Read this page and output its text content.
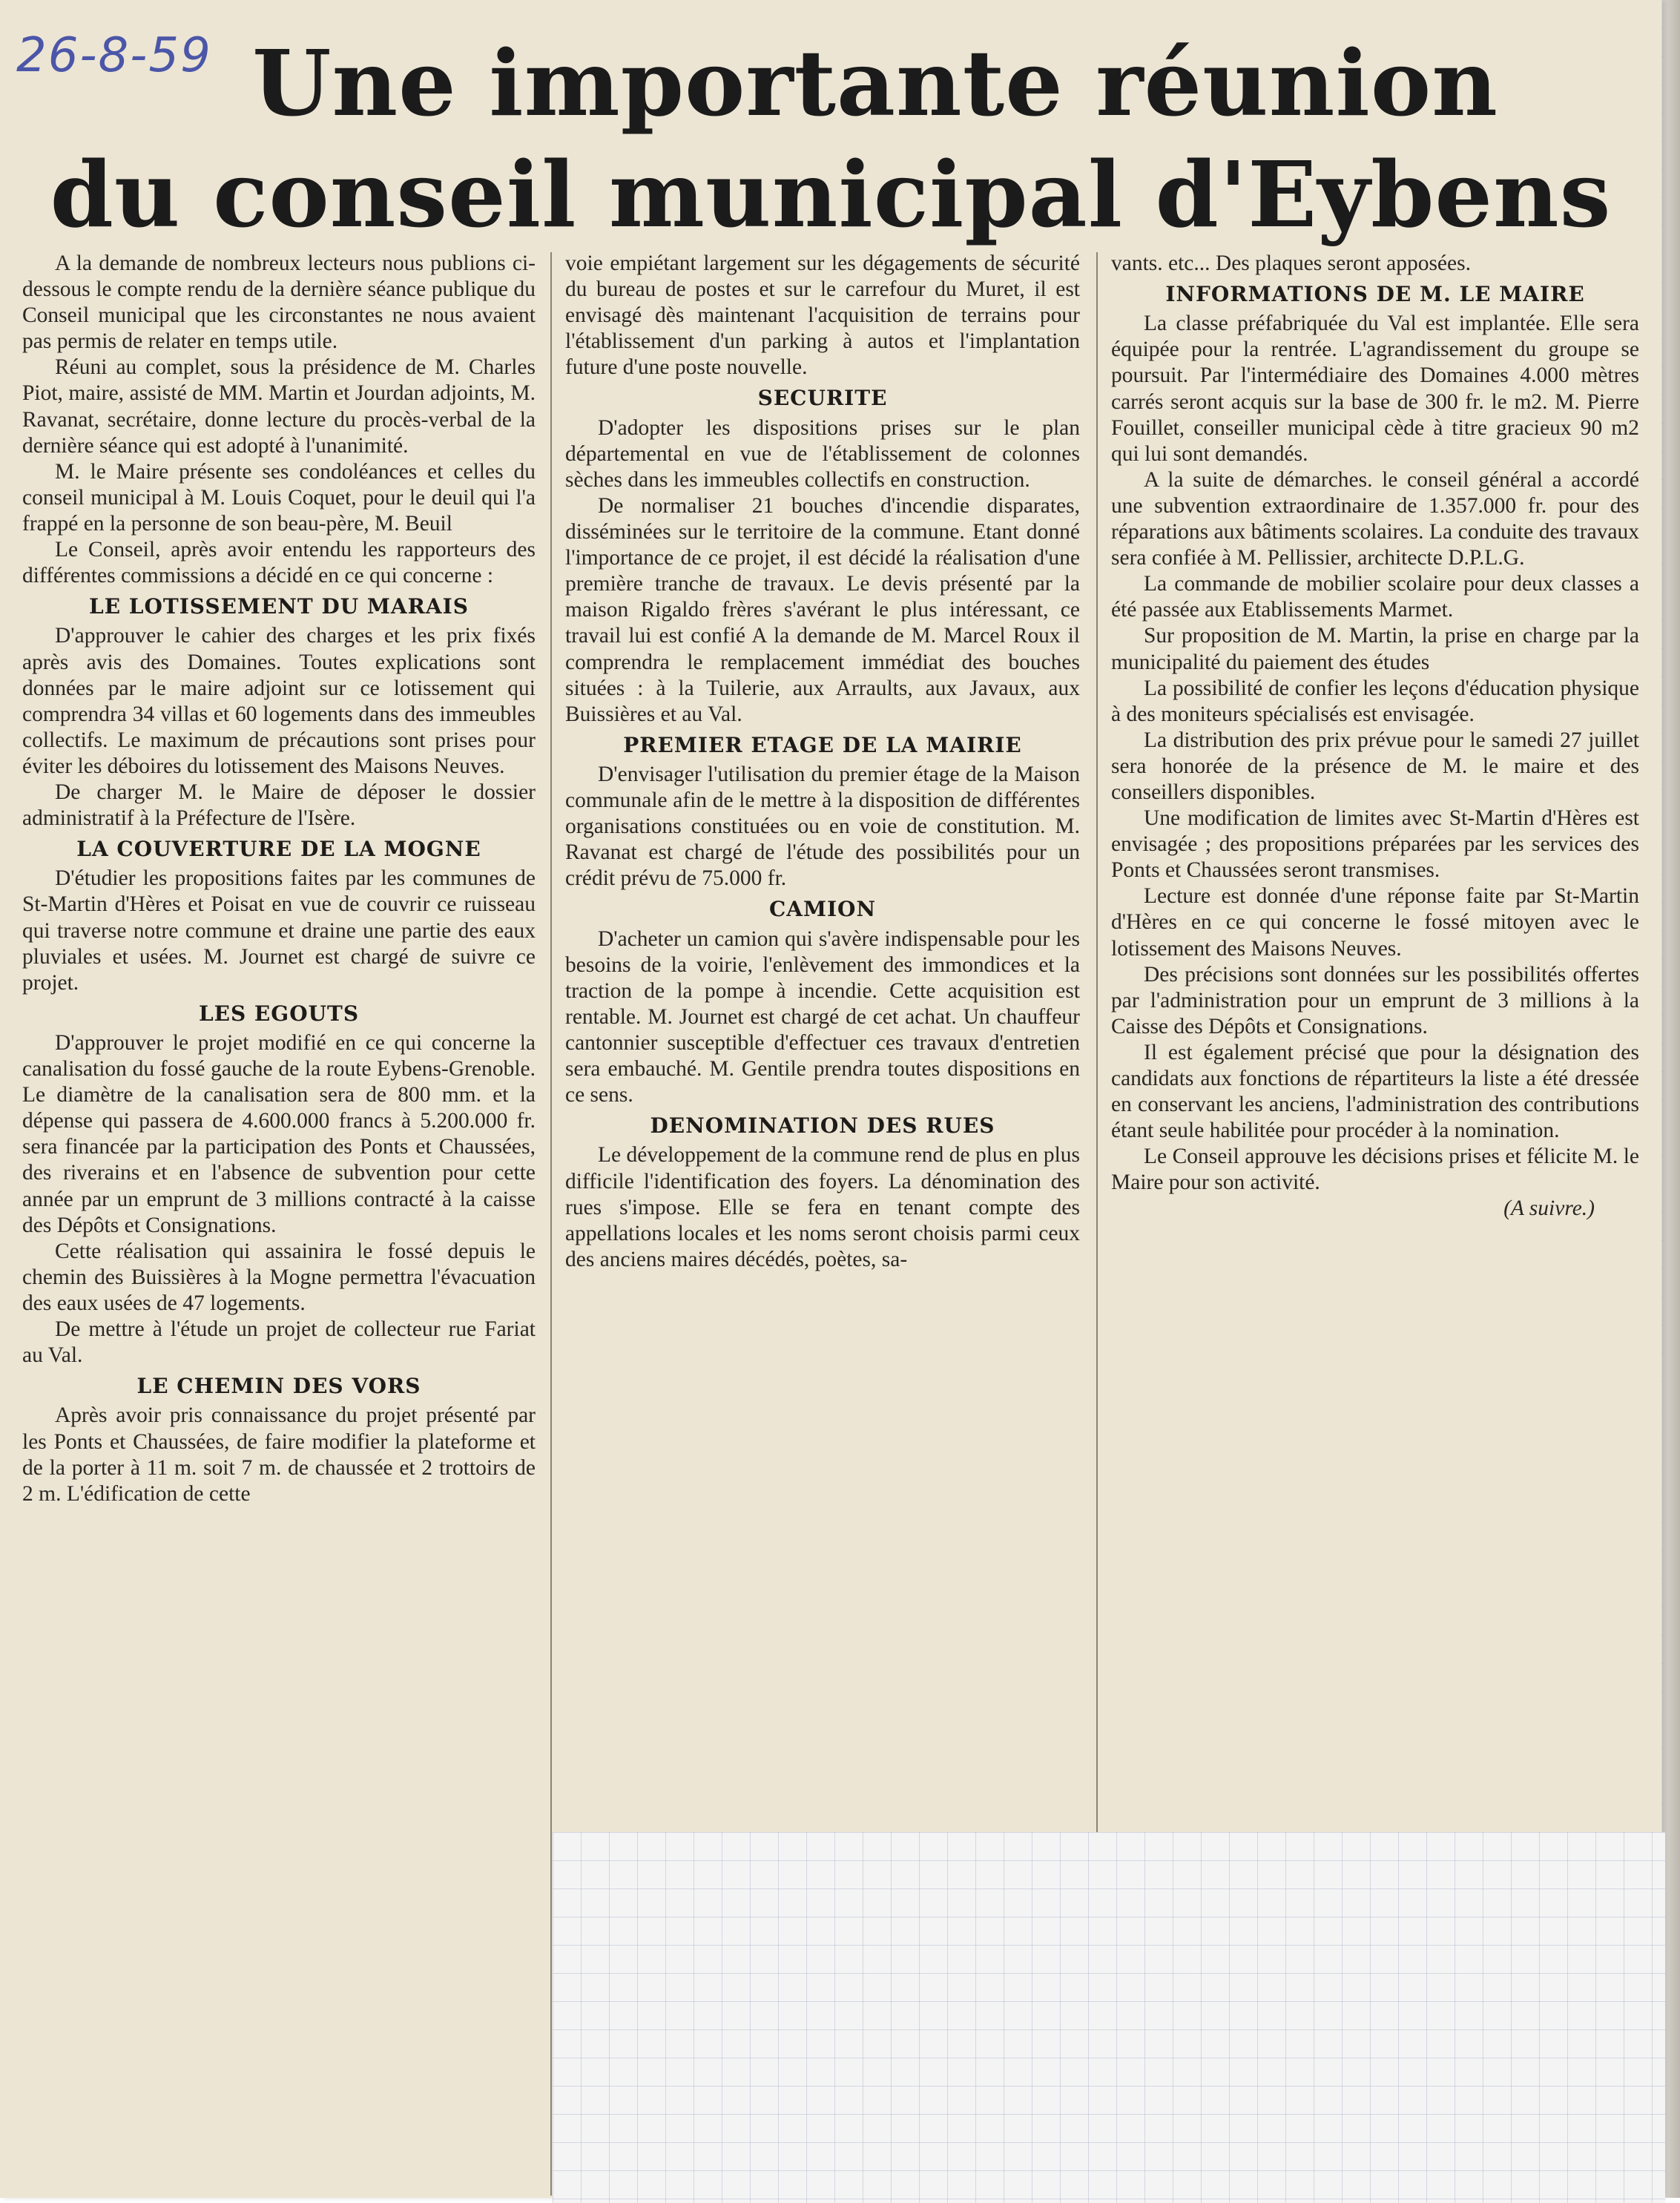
26-8-59 Une importante réunion
du conseil municipal d'Eybens

A la demande de nombreux lecteurs nous publions ci-dessous le compte rendu de la dernière séance publique du Conseil municipal que les circonstantes ne nous avaient pas permis de relater en temps utile.

Réuni au complet, sous la présidence de M. Charles Piot, maire, assisté de MM. Martin et Jourdan adjoints, M. Ravanat, secrétaire, donne lecture du procès-verbal de la dernière séance qui est adopté à l'unanimité.

M. le Maire présente ses condoléances et celles du conseil municipal à M. Louis Coquet, pour le deuil qui l'a frappé en la personne de son beau-père, M. Beuil

Le Conseil, après avoir entendu les rapporteurs des différentes commissions a décidé en ce qui concerne :

LE LOTISSEMENT DU MARAIS

D'approuver le cahier des charges et les prix fixés après avis des Domaines. Toutes explications sont données par le maire adjoint sur ce lotissement qui comprendra 34 villas et 60 logements dans des immeubles collectifs. Le maximum de précautions sont prises pour éviter les déboires du lotissement des Maisons Neuves.

De charger M. le Maire de déposer le dossier administratif à la Préfecture de l'Isère.

LA COUVERTURE DE LA MOGNE

D'étudier les propositions faites par les communes de St-Martin d'Hères et Poisat en vue de couvrir ce ruisseau qui traverse notre commune et draine une partie des eaux pluviales et usées. M. Journet est chargé de suivre ce projet.

LES EGOUTS

D'approuver le projet modifié en ce qui concerne la canalisation du fossé gauche de la route Eybens-Grenoble. Le diamètre de la canalisation sera de 800 mm. et la dépense qui passera de 4.600.000 francs à 5.200.000 fr. sera financée par la participation des Ponts et Chaussées, des riverains et en l'absence de subvention pour cette année par un emprunt de 3 millions contracté à la caisse des Dépôts et Consignations.

Cette réalisation qui assainira le fossé depuis le chemin des Buissières à la Mogne permettra l'évacuation des eaux usées de 47 logements.

De mettre à l'étude un projet de collecteur rue Fariat au Val.

LE CHEMIN DES VORS

Après avoir pris connaissance du projet présenté par les Ponts et Chaussées, de faire modifier la plateforme et de la porter à 11 m. soit 7 m. de chaussée et 2 trottoirs de 2 m. L'édification de cette

voie empiétant largement sur les dégagements de sécurité du bureau de postes et sur le carrefour du Muret, il est envisagé dès maintenant l'acquisition de terrains pour l'établissement d'un parking à autos et l'implantation future d'une poste nouvelle.

SECURITE

D'adopter les dispositions prises sur le plan départemental en vue de l'établissement de colonnes sèches dans les immeubles collectifs en construction.

De normaliser 21 bouches d'incendie disparates, disséminées sur le territoire de la commune. Etant donné l'importance de ce projet, il est décidé la réalisation d'une première tranche de travaux. Le devis présenté par la maison Rigaldo frères s'avérant le plus intéressant, ce travail lui est confié A la demande de M. Marcel Roux il comprendra le remplacement immédiat des bouches situées : à la Tuilerie, aux Arraults, aux Javaux, aux Buissières et au Val.

PREMIER ETAGE DE LA MAIRIE

D'envisager l'utilisation du premier étage de la Maison communale afin de le mettre à la disposition de différentes organisations constituées ou en voie de constitution. M. Ravanat est chargé de l'étude des possibilités pour un crédit prévu de 75.000 fr.

CAMION

D'acheter un camion qui s'avère indispensable pour les besoins de la voirie, l'enlèvement des immondices et la traction de la pompe à incendie. Cette acquisition est rentable. M. Journet est chargé de cet achat. Un chauffeur cantonnier susceptible d'effectuer ces travaux d'entretien sera embauché. M. Gentile prendra toutes dispositions en ce sens.

DENOMINATION DES RUES

Le développement de la commune rend de plus en plus difficile l'identification des foyers. La dénomination des rues s'impose. Elle se fera en tenant compte des appellations locales et les noms seront choisis parmi ceux des anciens maires décédés, poètes, sa-

vants. etc... Des plaques seront apposées.

INFORMATIONS DE M. LE MAIRE

La classe préfabriquée du Val est implantée. Elle sera équipée pour la rentrée. L'agrandissement du groupe se poursuit. Par l'intermédiaire des Domaines 4.000 mètres carrés seront acquis sur la base de 300 fr. le m2. M. Pierre Fouillet, conseiller municipal cède à titre gracieux 90 m2 qui lui sont demandés.

A la suite de démarches. le conseil général a accordé une subvention extraordinaire de 1.357.000 fr. pour des réparations aux bâtiments scolaires. La conduite des travaux sera confiée à M. Pellissier, architecte D.P.L.G.

La commande de mobilier scolaire pour deux classes a été passée aux Etablissements Marmet.

Sur proposition de M. Martin, la prise en charge par la municipalité du paiement des études

La possibilité de confier les leçons d'éducation physique à des moniteurs spécialisés est envisagée.

La distribution des prix prévue pour le samedi 27 juillet sera honorée de la présence de M. le maire et des conseillers disponibles.

Une modification de limites avec St-Martin d'Hères est envisagée ; des propositions préparées par les services des Ponts et Chaussées seront transmises.

Lecture est donnée d'une réponse faite par St-Martin d'Hères en ce qui concerne le fossé mitoyen avec le lotissement des Maisons Neuves.

Des précisions sont données sur les possibilités offertes par l'administration pour un emprunt de 3 millions à la Caisse des Dépôts et Consignations.

Il est également précisé que pour la désignation des candidats aux fonctions de répartiteurs la liste a été dressée en conservant les anciens, l'administration des contributions étant seule habilitée pour procéder à la nomination.

Le Conseil approuve les décisions prises et félicite M. le Maire pour son activité.

(A suivre.)
